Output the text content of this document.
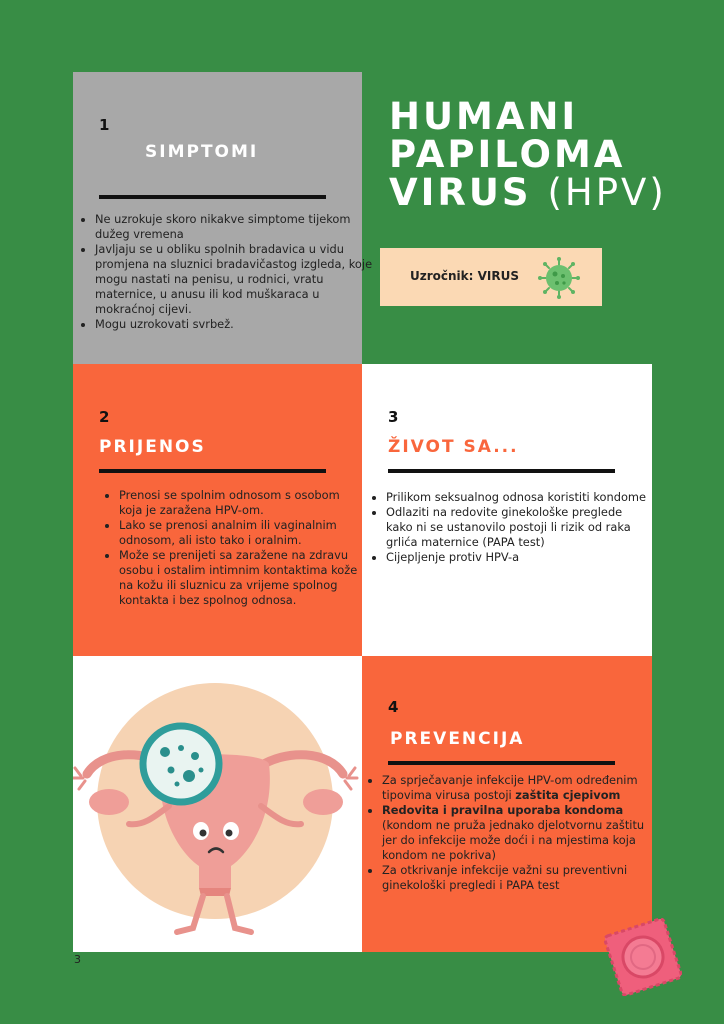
1
SIMPTOMI
• Ne uzrokuje skoro nikakve simptome tijekom dužeg vremena
• Javljaju se u obliku spolnih bradavica u vidu promjena na sluznici bradavičastog izgleda, koje mogu nastati na penisu, u rodnici, vratu maternice, u anusu ili kod muškaraca u mokraćnoj cijevi.
• Mogu uzrokovati svrbež.
HUMANI
PAPILOMA
VIRUS (HPV)
Uzročnik: VIRUS
2
PRIJENOS
• Prenosi se spolnim odnosom s osobom koja je zaražena HPV-om.
• Lako se prenosi analnim ili vaginalnim odnosom, ali isto tako i oralnim.
• Može se prenijeti sa zaražene na zdravu osobu i ostalim intimnim kontaktima kože na kožu ili sluznicu za vrijeme spolnog kontakta i bez spolnog odnosa.
3
ŽIVOT SA...
• Prilikom seksualnog odnosa koristiti kondome
• Odlaziti na redovite ginekološke preglede kako ni se ustanovilo postoji li rizik od raka grlića maternice (PAPA test)
• Cijepljenje protiv HPV-a
4
PREVENCIJA
• Za sprječavanje infekcije HPV-om određenim tipovima virusa postoji zaštita cjepivom
• Redovita i pravilna uporaba kondoma (kondom ne pruža jednako djelotvornu zaštitu jer do infekcije može doći i na mjestima koja kondom ne pokriva)
• Za otkrivanje infekcije važni su preventivni ginekološki pregledi i PAPA test
3
